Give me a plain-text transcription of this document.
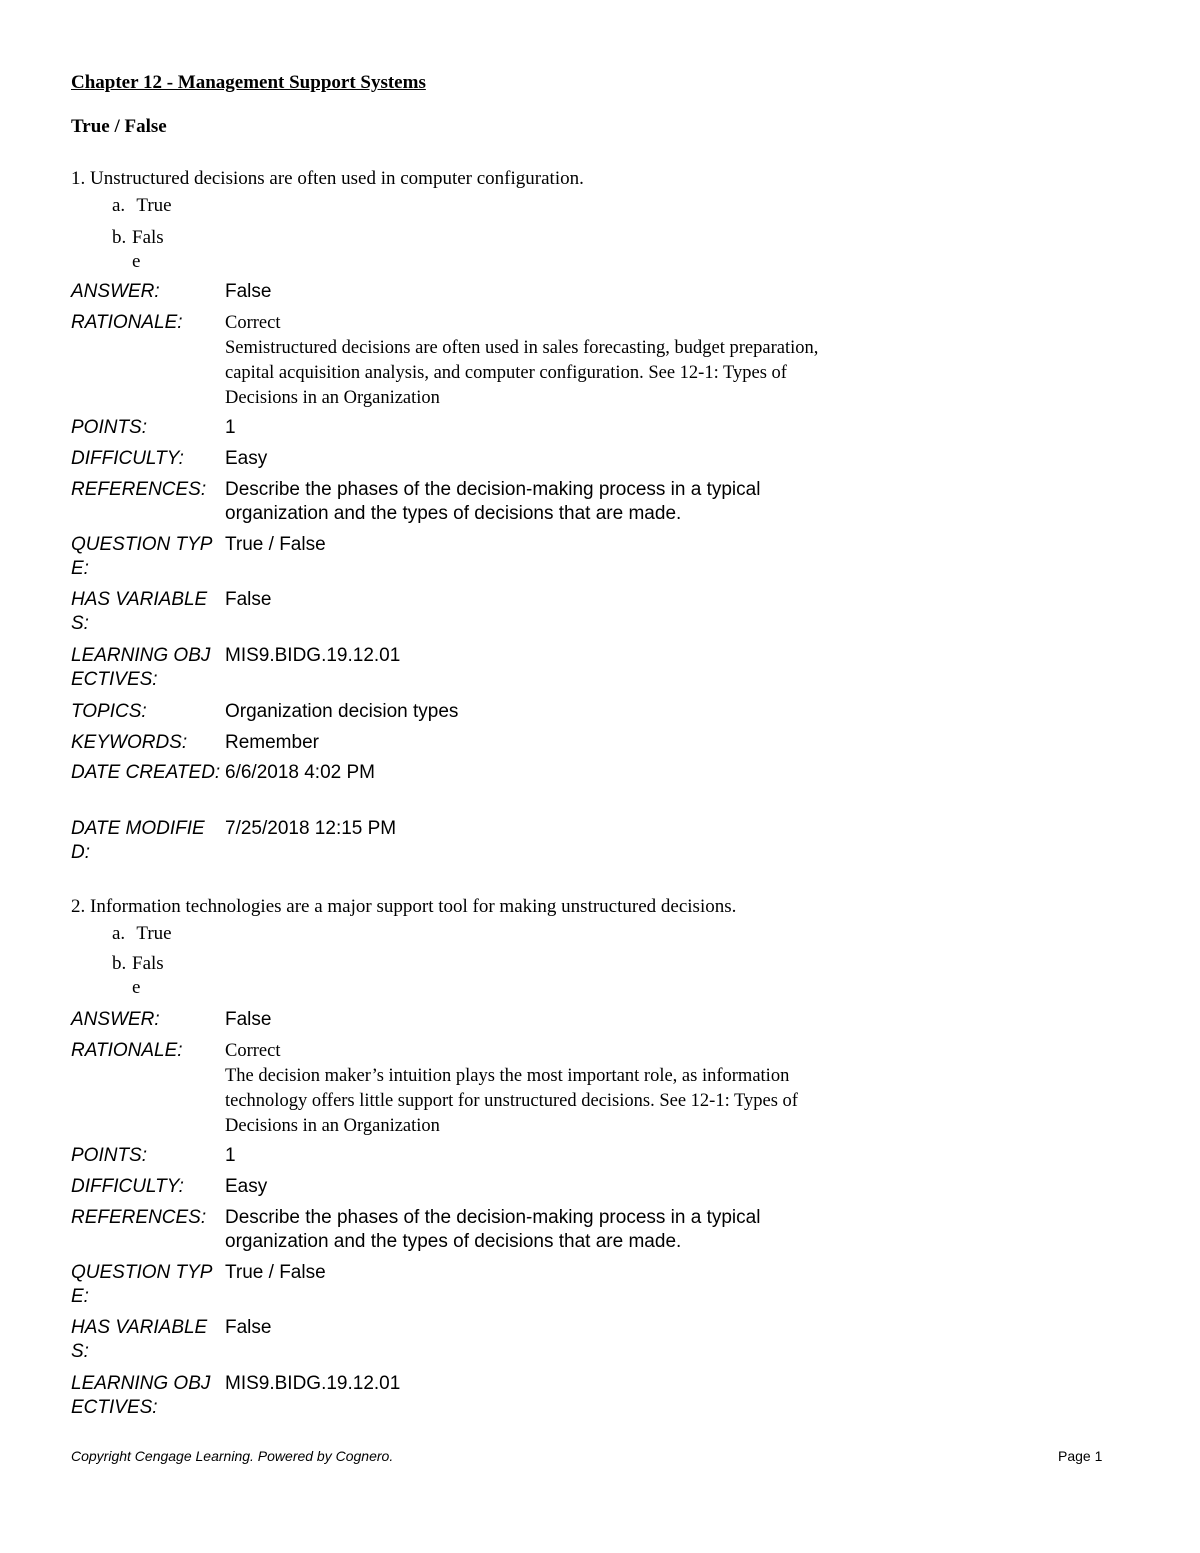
Chapter 12 - Management Support Systems
True / False
1. Unstructured decisions are often used in computer configuration.
a. True
b. False
ANSWER:	False
RATIONALE:	Correct
Semistructured decisions are often used in sales forecasting, budget preparation,
capital acquisition analysis, and computer configuration. See 12-1: Types of
Decisions in an Organization
POINTS:	1
DIFFICULTY:	Easy
REFERENCES: Describe the phases of the decision-making process in a typical
organization and the types of decisions that are made.
QUESTION TYPE:
True / False
HAS VARIABLES:
False
LEARNING OBJECTIVES:
MIS9.BIDG.19.12.01
TOPICS:	Organization decision types
KEYWORDS:	Remember
DATE CREATED: 6/6/2018 4:02 PM
DATE MODIFIED:
7/25/2018 12:15 PM
2. Information technologies are a major support tool for making unstructured decisions.
a. True
b. False
ANSWER:	False
RATIONALE:	Correct
The decision maker’s intuition plays the most important role, as information
technology offers little support for unstructured decisions. See 12-1: Types of
Decisions in an Organization
POINTS:	1
DIFFICULTY:	Easy
REFERENCES: Describe the phases of the decision-making process in a typical
organization and the types of decisions that are made.
QUESTION TYPE:
True / False
HAS VARIABLES:
False
LEARNING OBJECTIVES:
MIS9.BIDG.19.12.01
Copyright Cengage Learning. Powered by Cognero.	Page 1
